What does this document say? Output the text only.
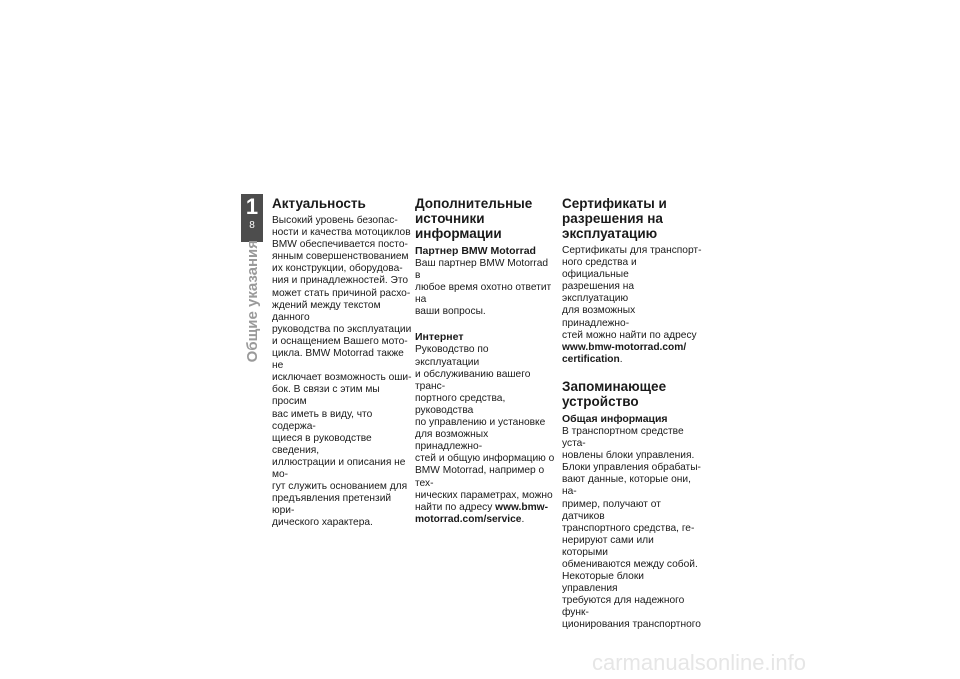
1
8
Общие указания
Актуальность
Высокий уровень безопас-
ности и качества мотоциклов
BMW обеспечивается посто-
янным совершенствованием
их конструкции, оборудова-
ния и принадлежностей. Это
может стать причиной расхо-
ждений между текстом данного
руководства по эксплуатации
и оснащением Вашего мото-
цикла. BMW Motorrad также не
исключает возможность оши-
бок. В связи с этим мы просим
вас иметь в виду, что содержа-
щиеся в руководстве сведения,
иллюстрации и описания не мо-
гут служить основанием для
предъявления претензий юри-
дического характера.
Дополнительные
источники
информации
Партнер BMW Motorrad
Ваш партнер BMW Motorrad в
любое время охотно ответит на
ваши вопросы.
Интернет
Руководство по эксплуатации
и обслуживанию вашего транс-
портного средства, руководства
по управлению и установке
для возможных принадлежно-
стей и общую информацию о
BMW Motorrad, например о тех-
нических параметрах, можно
найти по адресу www.bmw-
motorrad.com/service.
Сертификаты и
разрешения на
эксплуатацию
Сертификаты для транспорт-
ного средства и официальные
разрешения на эксплуатацию
для возможных принадлежно-
стей можно найти по адресу
www.bmw-motorrad.com/
certification.
Запоминающее
устройство
Общая информация
В транспортном средстве уста-
новлены блоки управления.
Блоки управления обрабаты-
вают данные, которые они, на-
пример, получают от датчиков
транспортного средства, ге-
нерируют сами или которыми
обмениваются между собой.
Некоторые блоки управления
требуются для надежного функ-
ционирования транспортного
carmanualsonline.info
